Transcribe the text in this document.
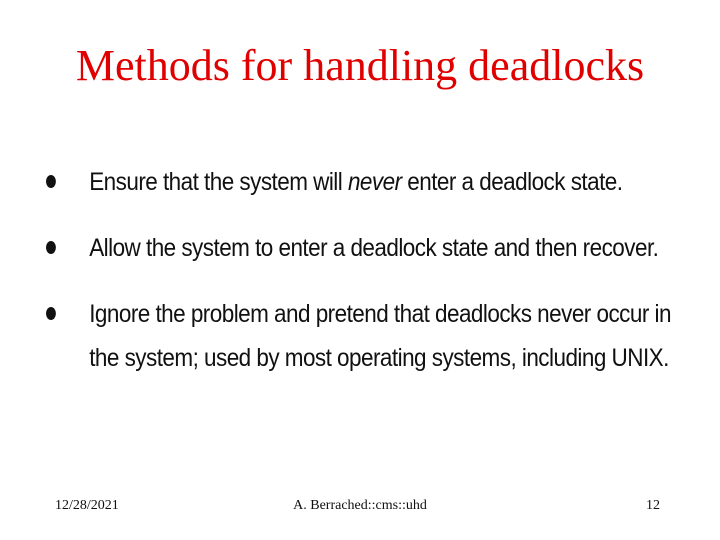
Methods for handling deadlocks
Ensure that the system will never enter a deadlock state.
Allow the system to enter a deadlock state and then recover.
Ignore the problem and pretend that deadlocks never occur in
the system; used by most operating systems, including UNIX.
12/28/2021	A. Berrached::cms::uhd	12
